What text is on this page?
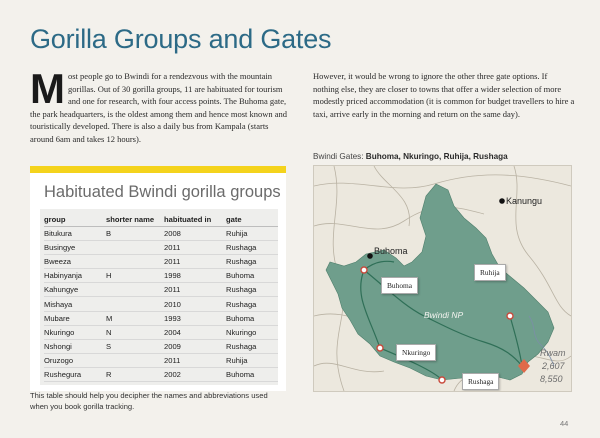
Gorilla Groups and Gates
Most people go to Bwindi for a rendezvous with the mountain gorillas. Out of 30 gorilla groups, 11 are habituated for tourism and one for research, with four access points. The Buhoma gate, the park headquarters, is the oldest among them and hence most known and touristically developed. There is also a daily bus from Kampala (starts around 6am and takes 12 hours).
However, it would be wrong to ignore the other three gate options. If nothing else, they are closer to towns that offer a wider selection of more modestly priced accommodation (it is common for budget travellers to hire a taxi, arrive early in the morning and return on the same day).
Habituated Bwindi gorilla groups
group	shorter name	habituated in	gate
Bitukura	B	2008	Ruhija
Busingye		2011	Rushaga
Bweeza		2011	Rushaga
Habinyanja	H	1998	Buhoma
Kahungye		2011	Rushaga
Mishaya		2010	Rushaga
Mubare	M	1993	Buhoma
Nkuringo	N	2004	Nkuringo
Nshongi	S	2009	Rushaga
Oruzogo		2011	Ruhija
Rushegura	R	2002	Buhoma
This table should help you decipher the names and abbreviations used when you book gorilla tracking.
Bwindi Gates: Buhoma, Nkuringo, Ruhija, Rushaga
Kanungu
Buhoma
Bwindi NP
Rwam
2,607
8,550
Ruhija
Buhoma
Nkuringo
Rushaga
44
